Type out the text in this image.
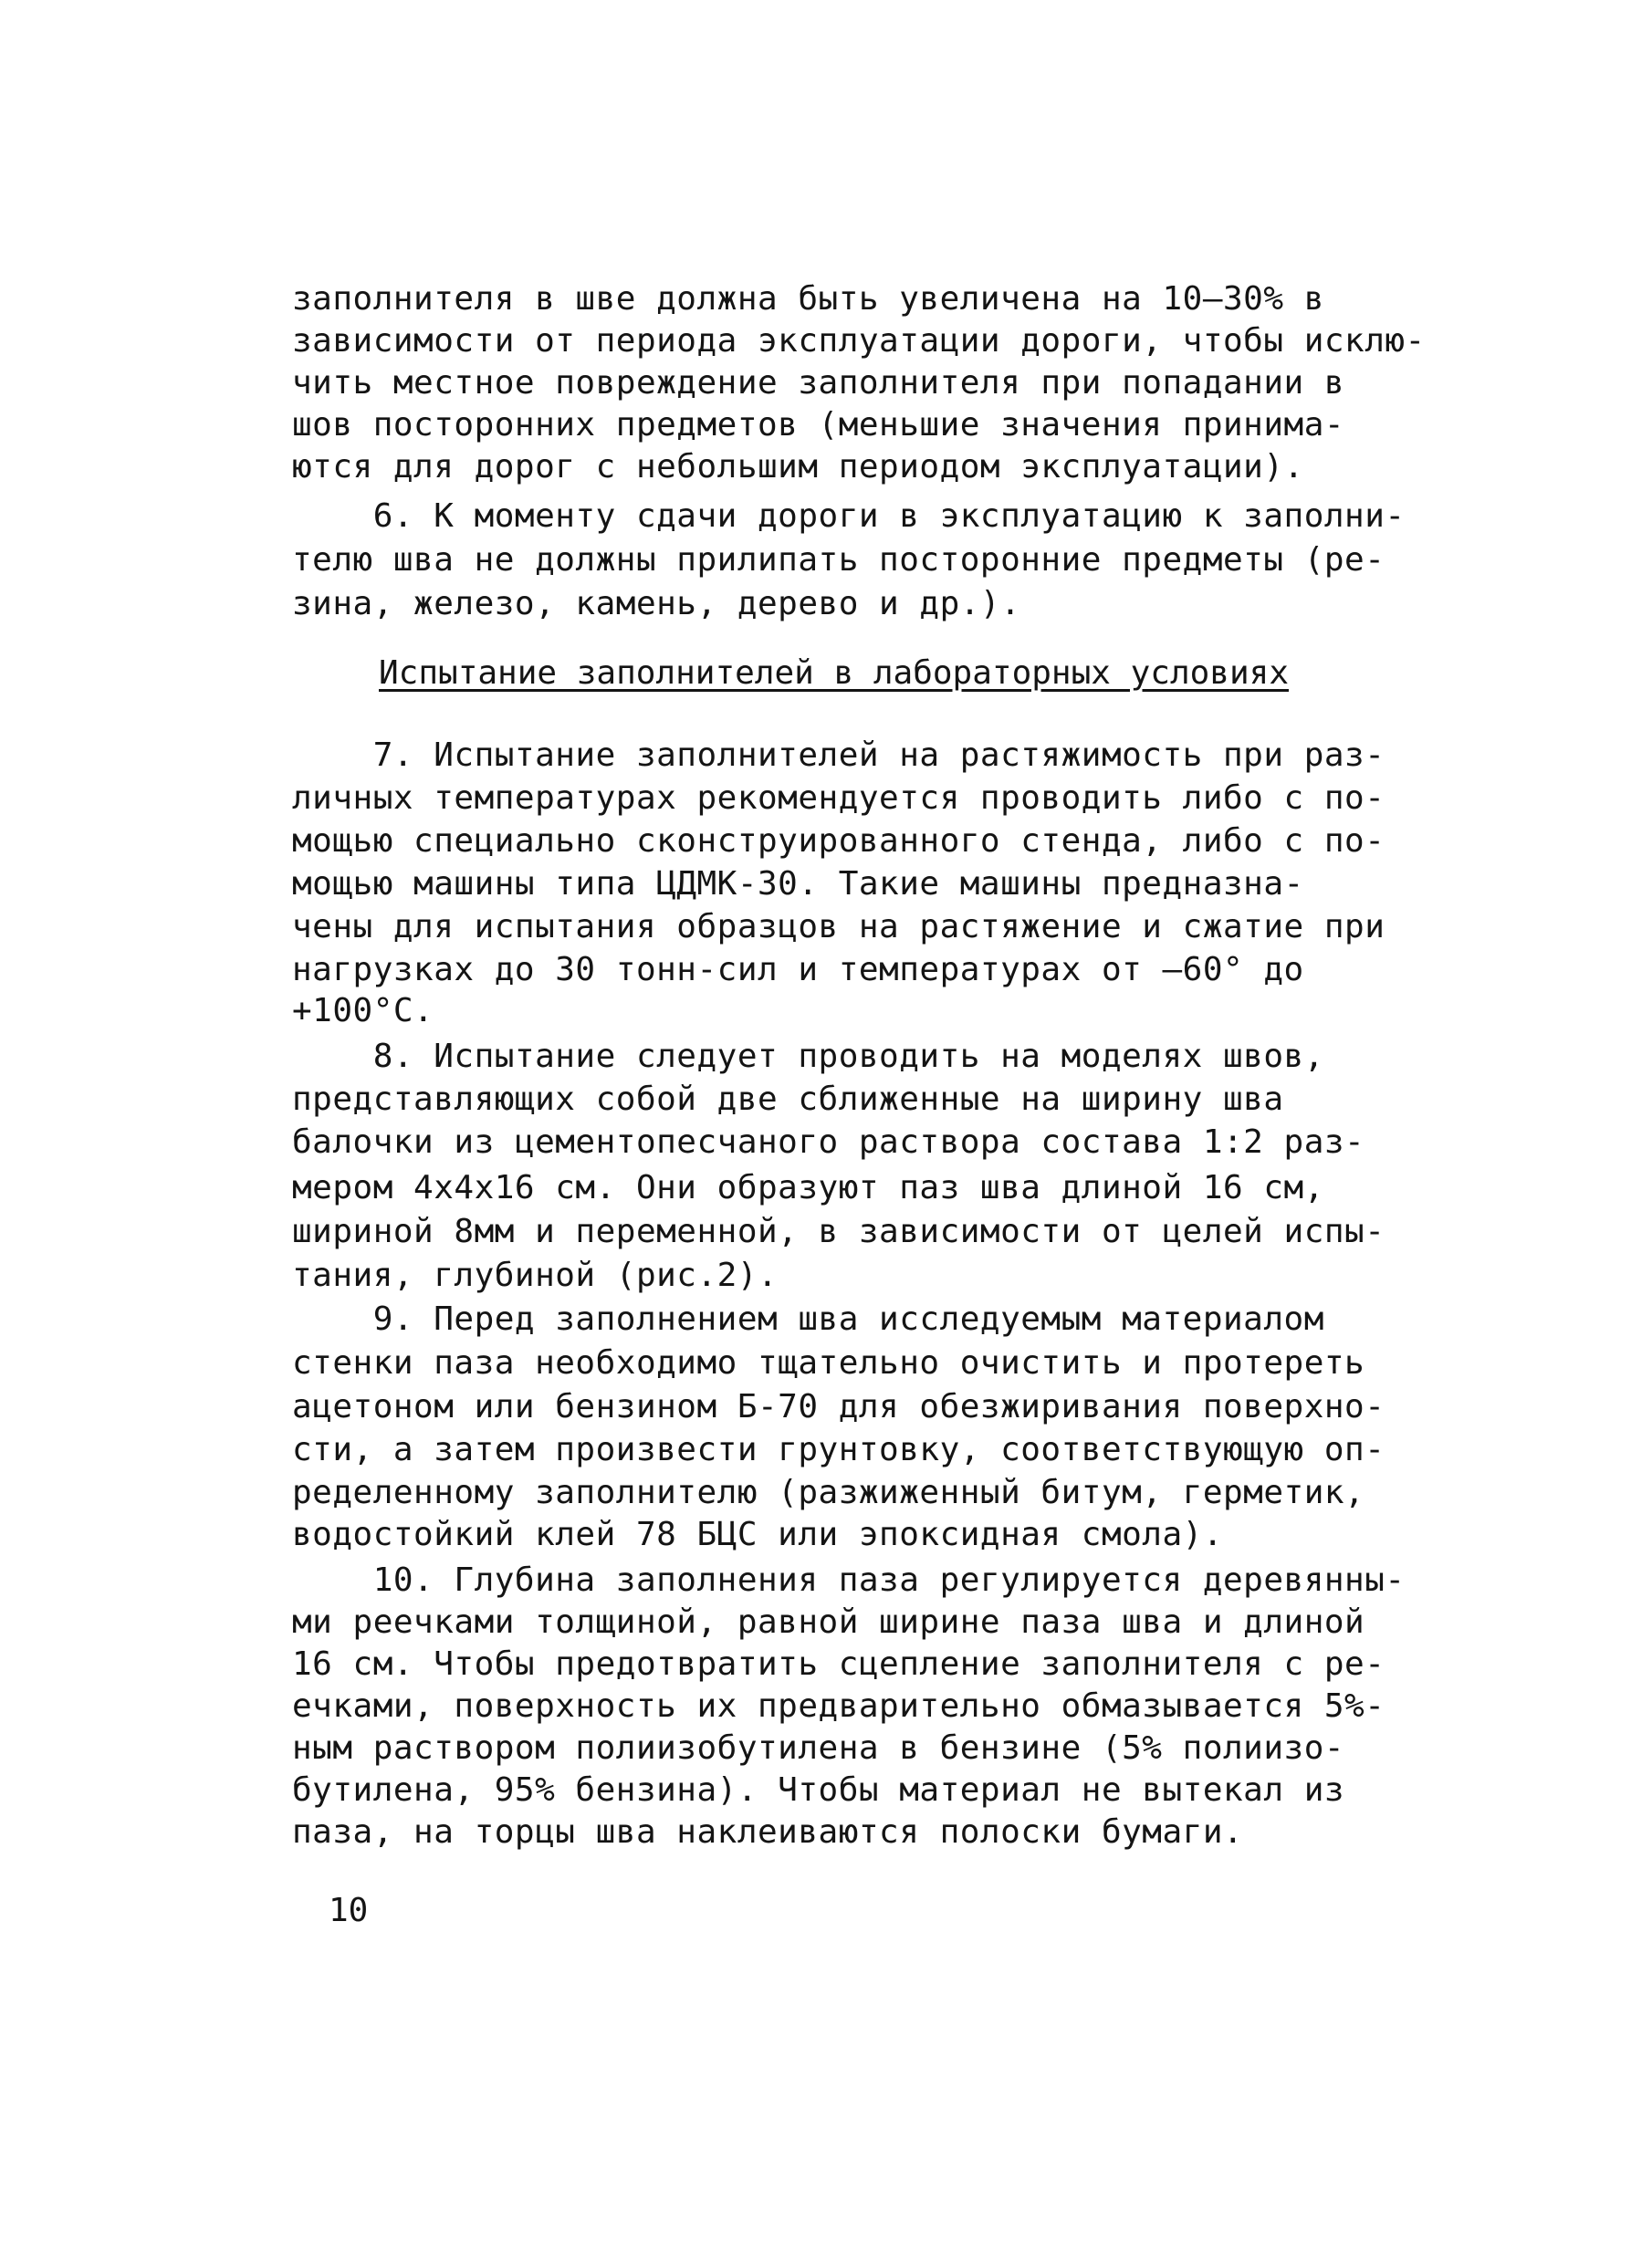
заполнителя в шве должна быть увеличена на 10–30% в
зависимости от периода эксплуатации дороги, чтобы исклю-
чить местное повреждение заполнителя при попадании в
шов посторонних предметов (меньшие значения принима-
ются для дорог с небольшим периодом эксплуатации).
6. К моменту сдачи дороги в эксплуатацию к заполни-
телю шва не должны прилипать посторонние предметы (ре-
зина, железо, камень, дерево и др.).
Испытание заполнителей в лабораторных условиях
7. Испытание заполнителей на растяжимость при раз-
личных температурах рекомендуется проводить либо с по-
мощью специально сконструированного стенда, либо с по-
мощью машины типа ЦДМК-30. Такие машины предназна-
чены для испытания образцов на растяжение и сжатие при
нагрузках до 30 тонн-сил и температурах от –60° до
+100°С.
8. Испытание следует проводить на моделях швов,
представляющих собой две сближенные на ширину шва
балочки из цементопесчаного раствора состава 1:2 раз-
мером 4х4х16 см. Они образуют паз шва длиной 16 см,
шириной 8мм и переменной, в зависимости от целей испы-
тания, глубиной (рис.2).
9. Перед заполнением шва исследуемым материалом
стенки паза необходимо тщательно очистить и протереть
ацетоном или бензином Б-70 для обезжиривания поверхно-
сти, а затем произвести грунтовку, соответствующую оп-
ределенному заполнителю (разжиженный битум, герметик,
водостойкий клей 78 БЦС или эпоксидная смола).
10. Глубина заполнения паза регулируется деревянны-
ми реечками толщиной, равной ширине паза шва и длиной
16 см. Чтобы предотвратить сцепление заполнителя с ре-
ечками, поверхность их предварительно обмазывается 5%-
ным раствором полиизобутилена в бензине (5% полиизо-
бутилена, 95% бензина). Чтобы материал не вытекал из
паза, на торцы шва наклеиваются полоски бумаги.
10
